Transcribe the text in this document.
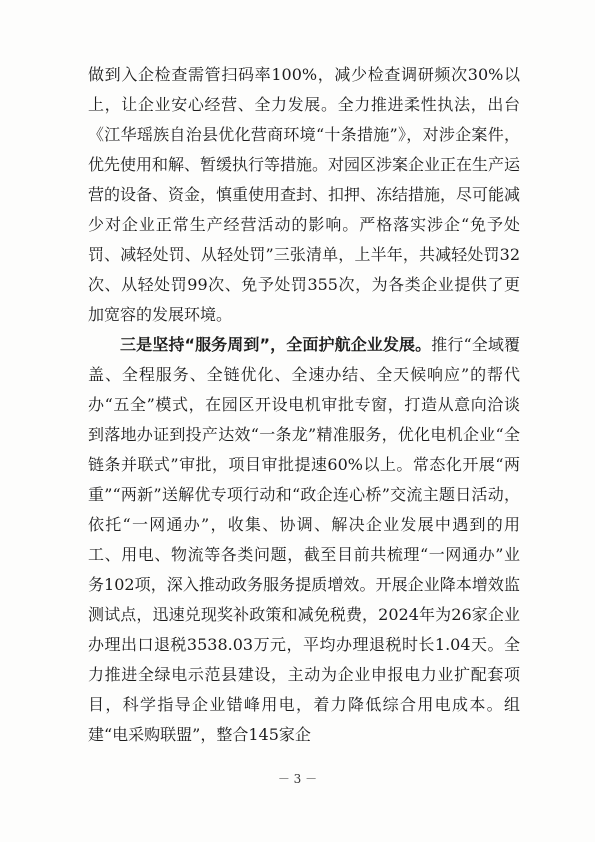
做到入企检查需管扫码率100%，减少检查调研频次30%以上，让企业安心经营、全力发展。全力推进柔性执法，出台《江华瑶族自治县优化营商环境“十条措施”》，对涉企案件，优先使用和解、暂缓执行等措施。对园区涉案企业正在生产运营的设备、资金，慎重使用查封、扣押、冻结措施，尽可能减少对企业正常生产经营活动的影响。严格落实涉企“免予处罚、减轻处罚、从轻处罚”三张清单，上半年，共减轻处罚32次、从轻处罚99次、免予处罚355次，为各类企业提供了更加宽容的发展环境。

三是坚持“服务周到”，全面护航企业发展。推行“全域覆盖、全程服务、全链优化、全速办结、全天候响应”的帮代办“五全”模式，在园区开设电机审批专窗，打造从意向洽谈到落地办证到投产达效“一条龙”精准服务，优化电机企业“全链条并联式”审批，项目审批提速60%以上。常态化开展“两重”“两新”送解优专项行动和“政企连心桥”交流主题日活动，依托“一网通办”，收集、协调、解决企业发展中遇到的用工、用电、物流等各类问题，截至目前共梳理“一网通办”业务102项，深入推动政务服务提质增效。开展企业降本增效监测试点，迅速兑现奖补政策和减免税费，2024年为26家企业办理出口退税3538.03万元，平均办理退税时长1.04天。全力推进全绿电示范县建设，主动为企业申报电力业扩配套项目，科学指导企业错峰用电，着力降低综合用电成本。组建“电采购联盟”，整合145家企

－ 3 －
